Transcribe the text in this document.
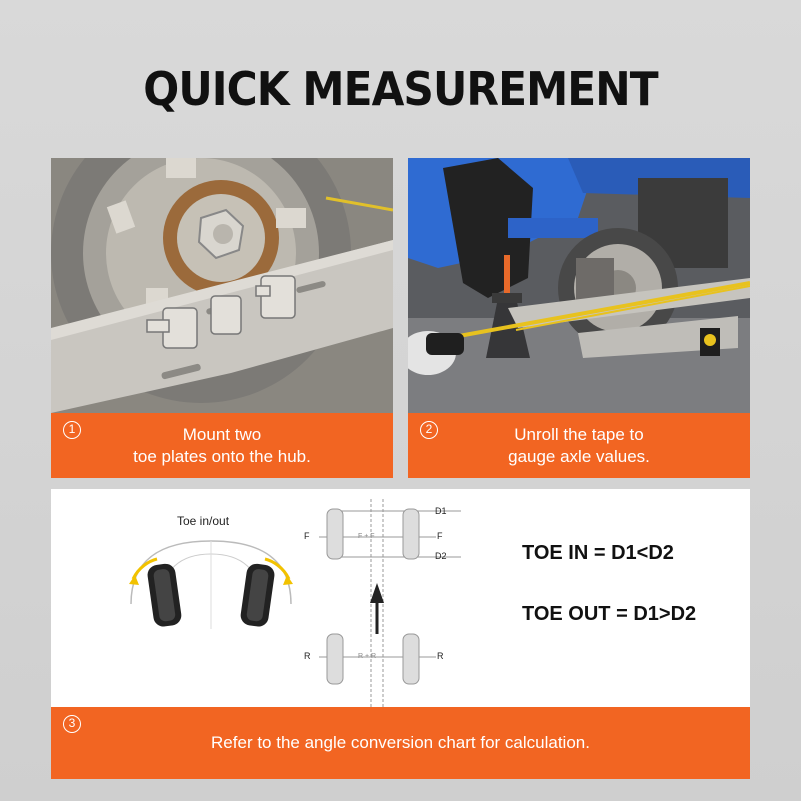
QUICK MEASUREMENT
1	Mount two
toe plates onto the hub.
2	Unroll the tape to
gauge axle values.
Toe in/out
D1
D2
F	F
F + F
R	R
R + R
TOE IN = D1<D2
TOE OUT = D1>D2
3
Refer to the angle conversion chart for calculation.
